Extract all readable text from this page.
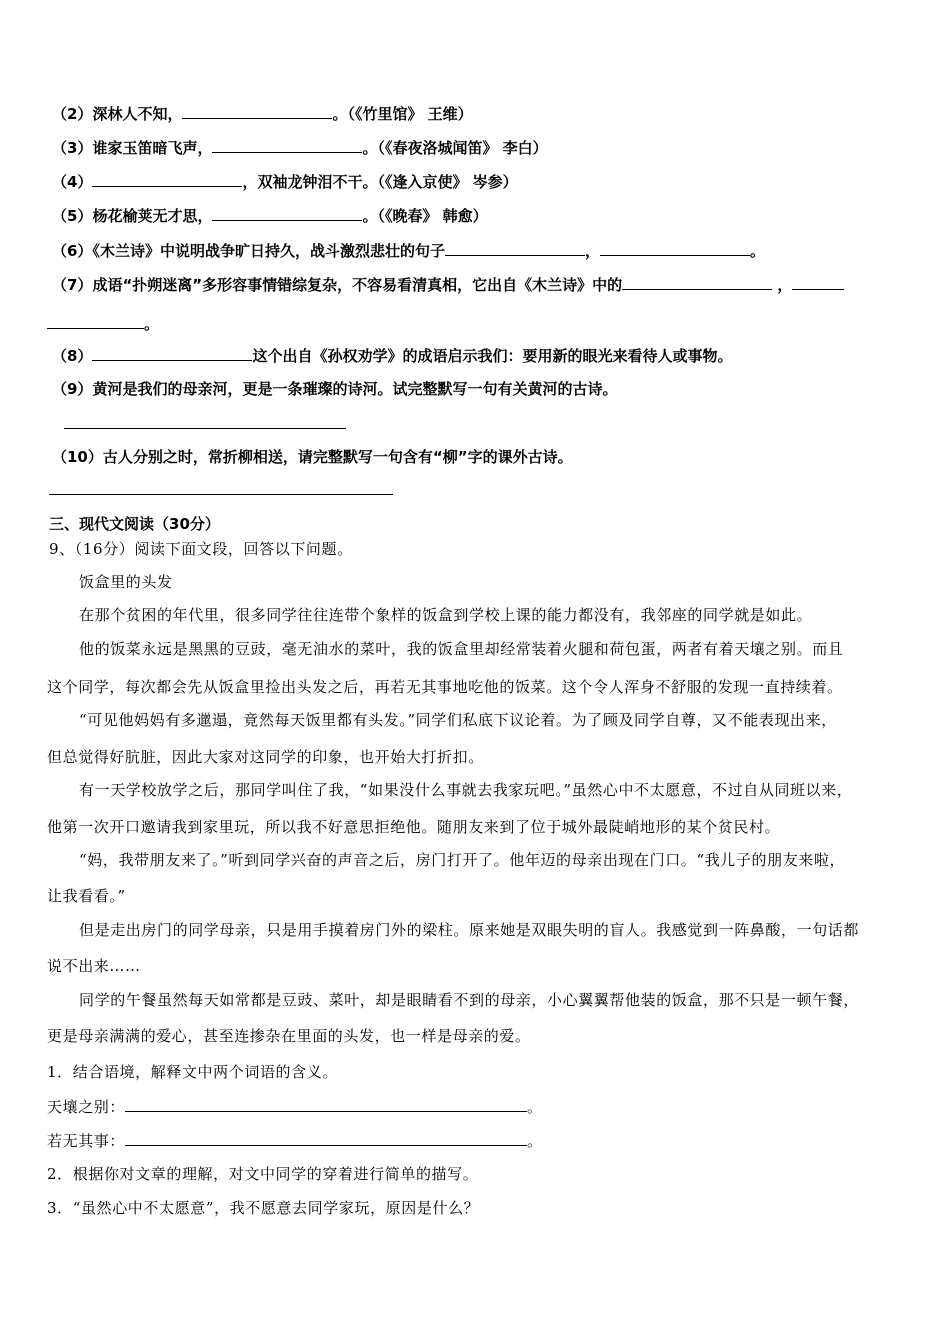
（2）深林人不知，	。（《竹里馆》 王维）
（3）谁家玉笛暗飞声，	。（《春夜洛城闻笛》 李白）
（4）	，双袖龙钟泪不干。（《逢入京使》 岑参）
（5）杨花榆荚无才思，	。（《晚春》 韩愈）
（6）《木兰诗》中说明战争旷日持久，战斗激烈悲壮的句子	，	。
（7）成语“扑朔迷离”多形容事情错综复杂，不容易看清真相，它出自《木兰诗》中的	，
。
（8）	这个出自《孙权劝学》的成语启示我们：要用新的眼光来看待人或事物。
（9）黄河是我们的母亲河，更是一条璀璨的诗河。试完整默写一句有关黄河的古诗。
（10）古人分别之时，常折柳相送，请完整默写一句含有“柳”字的课外古诗。
三、现代文阅读（30分）
9、（16分）阅读下面文段，回答以下问题。
饭盒里的头发
在那个贫困的年代里，很多同学往往连带个象样的饭盒到学校上课的能力都没有，我邻座的同学就是如此。
他的饭菜永远是黑黑的豆豉，毫无油水的菜叶，我的饭盒里却经常装着火腿和荷包蛋，两者有着天壤之别。而且
这个同学，每次都会先从饭盒里捡出头发之后，再若无其事地吃他的饭菜。这个令人浑身不舒服的发现一直持续着。
“可见他妈妈有多邋遢，竟然每天饭里都有头发。”同学们私底下议论着。为了顾及同学自尊，又不能表现出来，
但总觉得好肮脏，因此大家对这同学的印象，也开始大打折扣。
有一天学校放学之后，那同学叫住了我，“如果没什么事就去我家玩吧。”虽然心中不太愿意，不过自从同班以来，
他第一次开口邀请我到家里玩，所以我不好意思拒绝他。随朋友来到了位于城外最陡峭地形的某个贫民村。
“妈，我带朋友来了。”听到同学兴奋的声音之后，房门打开了。他年迈的母亲出现在门口。“我儿子的朋友来啦，
让我看看。”
但是走出房门的同学母亲，只是用手摸着房门外的梁柱。原来她是双眼失明的盲人。我感觉到一阵鼻酸，一句话都
说不出来……
同学的午餐虽然每天如常都是豆豉、菜叶，却是眼睛看不到的母亲，小心翼翼帮他装的饭盒，那不只是一顿午餐，
更是母亲满满的爱心，甚至连掺杂在里面的头发，也一样是母亲的爱。
1．结合语境，解释文中两个词语的含义。
天壤之别：	。
若无其事：	。
2．根据你对文章的理解，对文中同学的穿着进行简单的描写。
3．“虽然心中不太愿意”，我不愿意去同学家玩，原因是什么？
